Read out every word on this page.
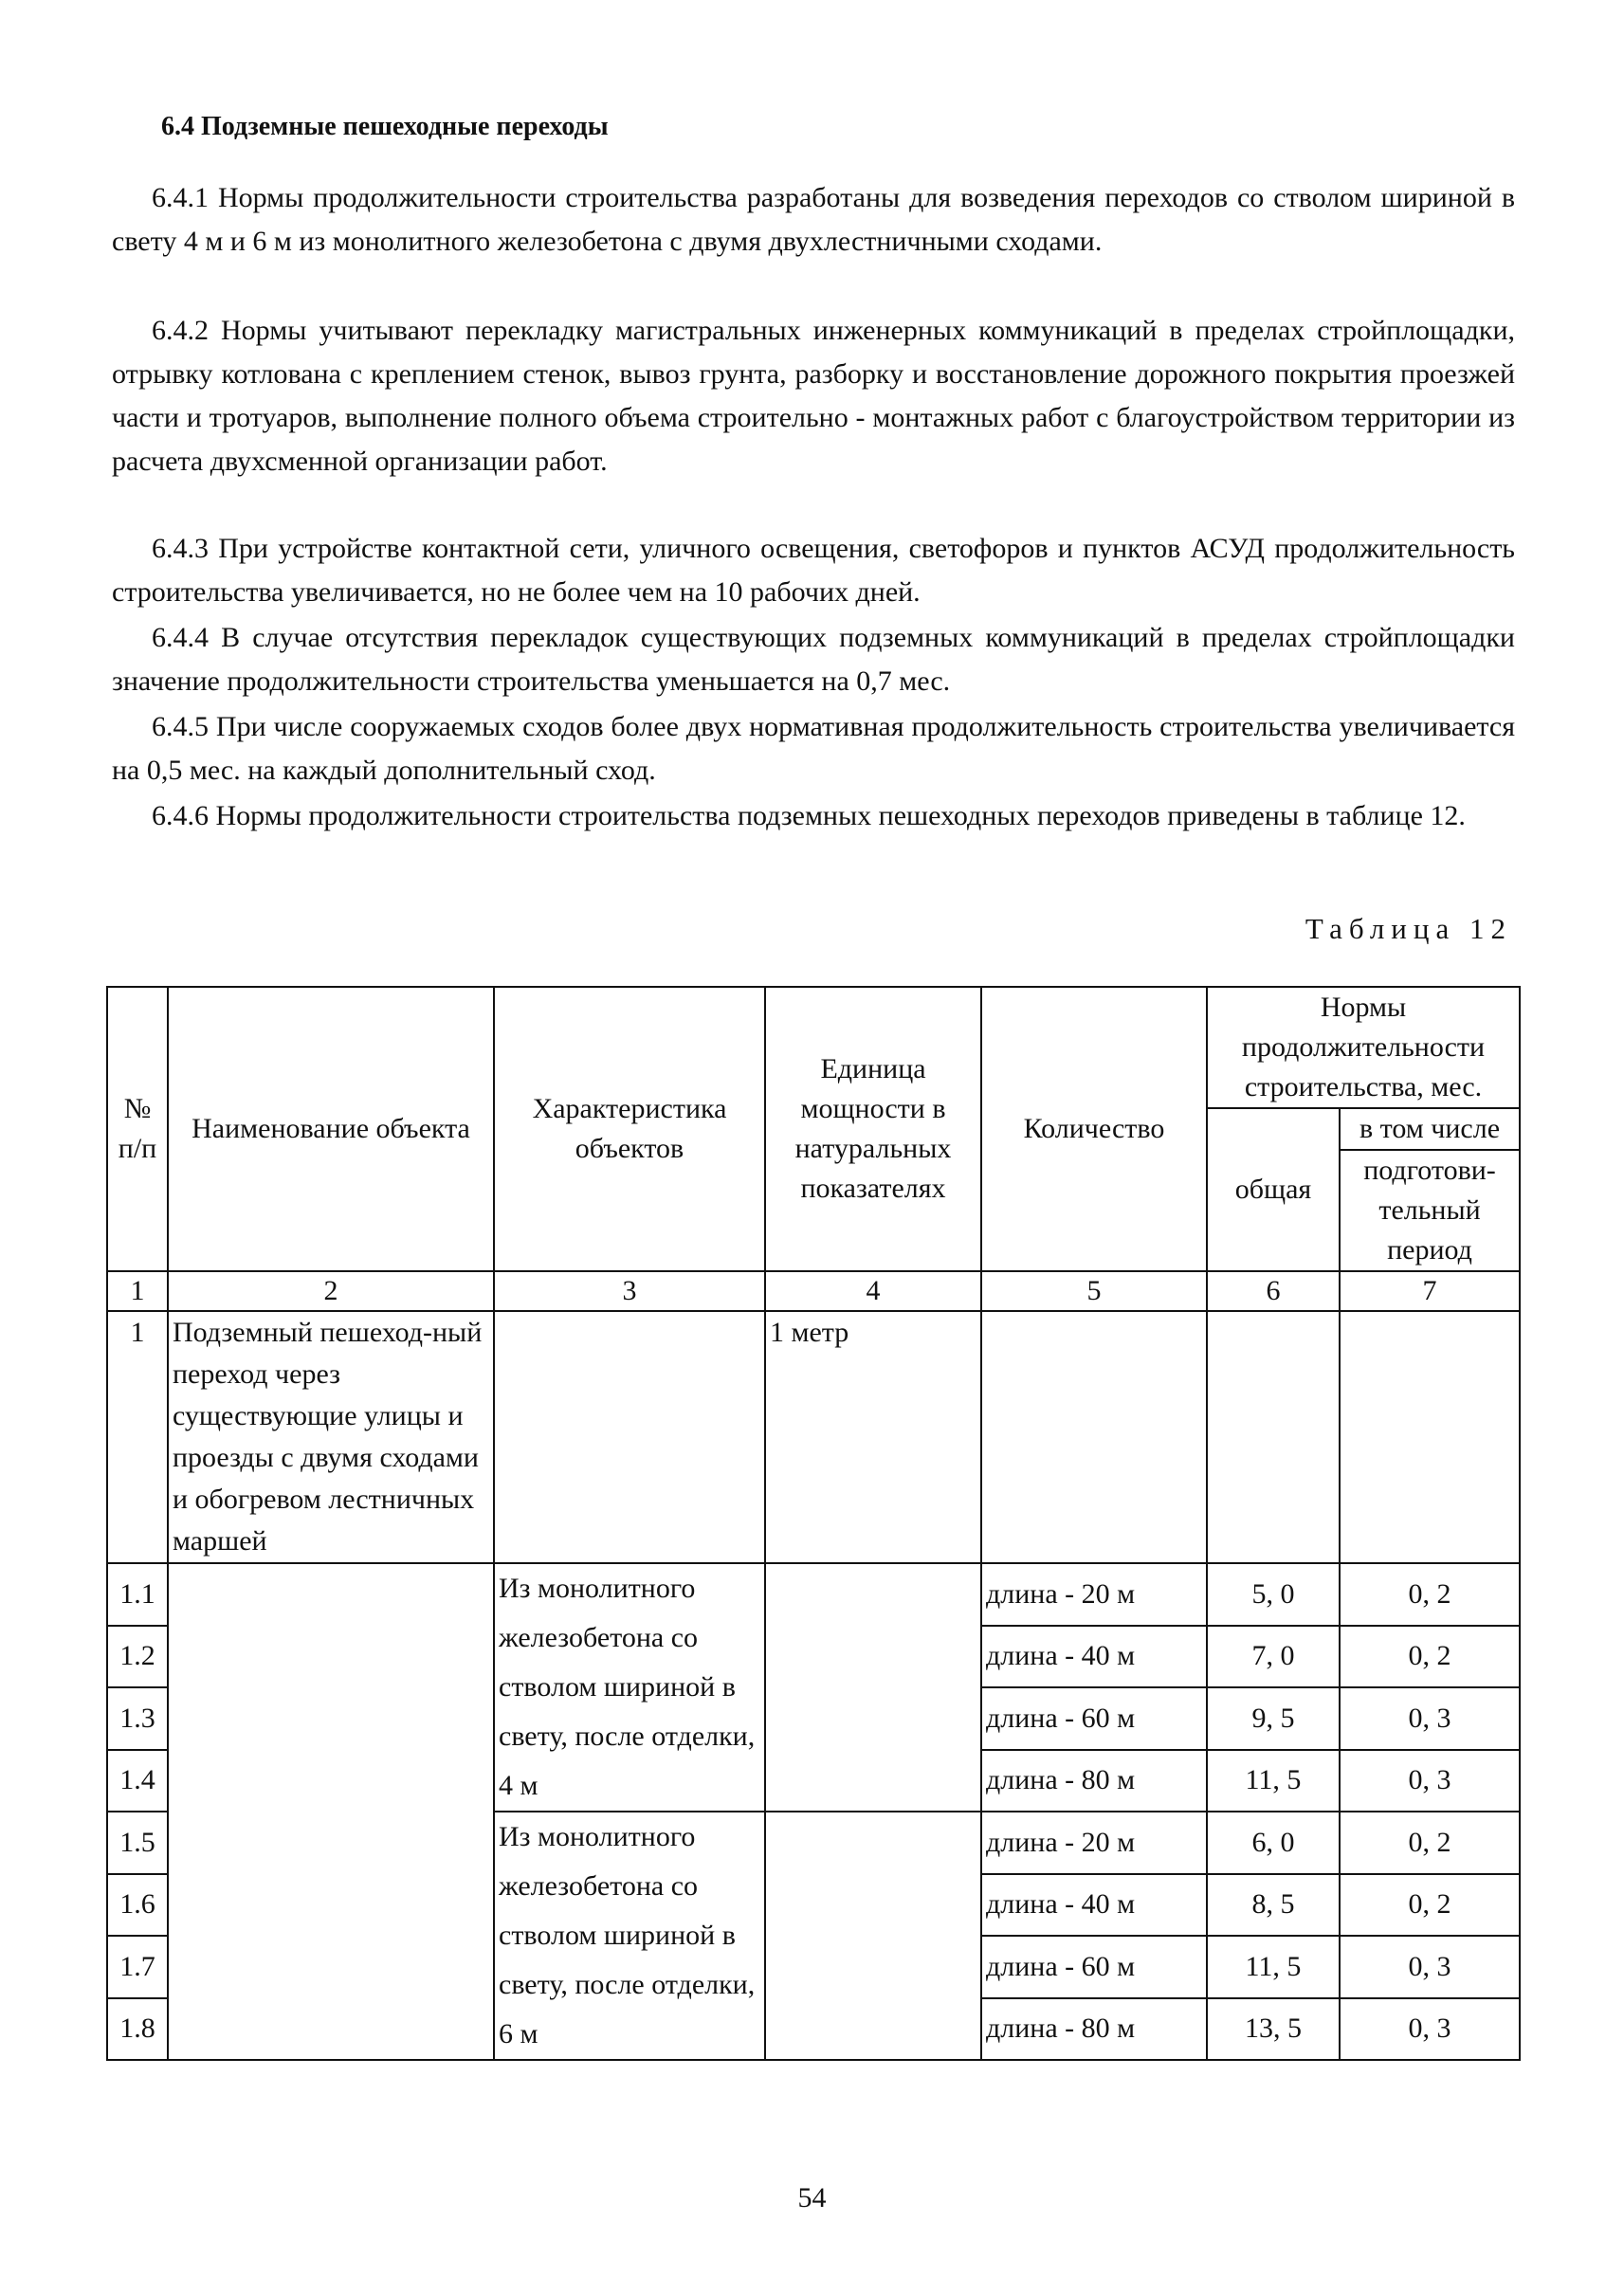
6.4 Подземные пешеходные переходы

6.4.1 Нормы продолжительности строительства разработаны для возведения переходов со стволом шириной в свету 4 м и 6 м из монолитного железобетона с двумя двухлестничными сходами.

6.4.2 Нормы учитывают перекладку магистральных инженерных коммуникаций в пределах стройплощадки, отрывку котлована с креплением стенок, вывоз грунта, разборку и восстановление дорожного покрытия проезжей части и тротуаров, выполнение полного объема строительно - монтажных работ с благоустройством территории из расчета двухсменной организации работ.

6.4.3 При устройстве контактной сети, уличного освещения, светофоров и пунктов АСУД продолжительность строительства увеличивается, но не более чем на 10 рабочих дней.

6.4.4 В случае отсутствия перекладок существующих подземных коммуникаций в пределах стройплощадки значение продолжительности строительства уменьшается на 0,7 мес.

6.4.5 При числе сооружаемых сходов более двух нормативная продолжительность строительства увеличивается на 0,5 мес. на каждый дополнительный сход.

6.4.6 Нормы продолжительности строительства подземных пешеходных переходов приведены в таблице 12.

Таблица 12
№ п/п	Наименование объекта	Характеристика объектов	Единица мощности в натуральных показателях	Количество	Нормы продолжительности строительства, мес.	
					общая	в том числе
						подготови-тельный период
1	2	3	4	5	6	7
1	Подземный пешеход-ный переход через существующие улицы и проезды с двумя сходами и обогревом лестничных маршей		1 метр			
1.1		Из монолитного железобетона со стволом шириной в свету, после отделки, 4 м		длина - 20 м	5, 0	0, 2
1.2				длина - 40 м	7, 0	0, 2
1.3				длина - 60 м	9, 5	0, 3
1.4				длина - 80 м	11, 5	0, 3
1.5		Из монолитного железобетона со стволом шириной в свету, после отделки, 6 м		длина - 20 м	6, 0	0, 2
1.6				длина - 40 м	8, 5	0, 2
1.7				длина - 60 м	11, 5	0, 3
1.8				длина - 80 м	13, 5	0, 3
54
